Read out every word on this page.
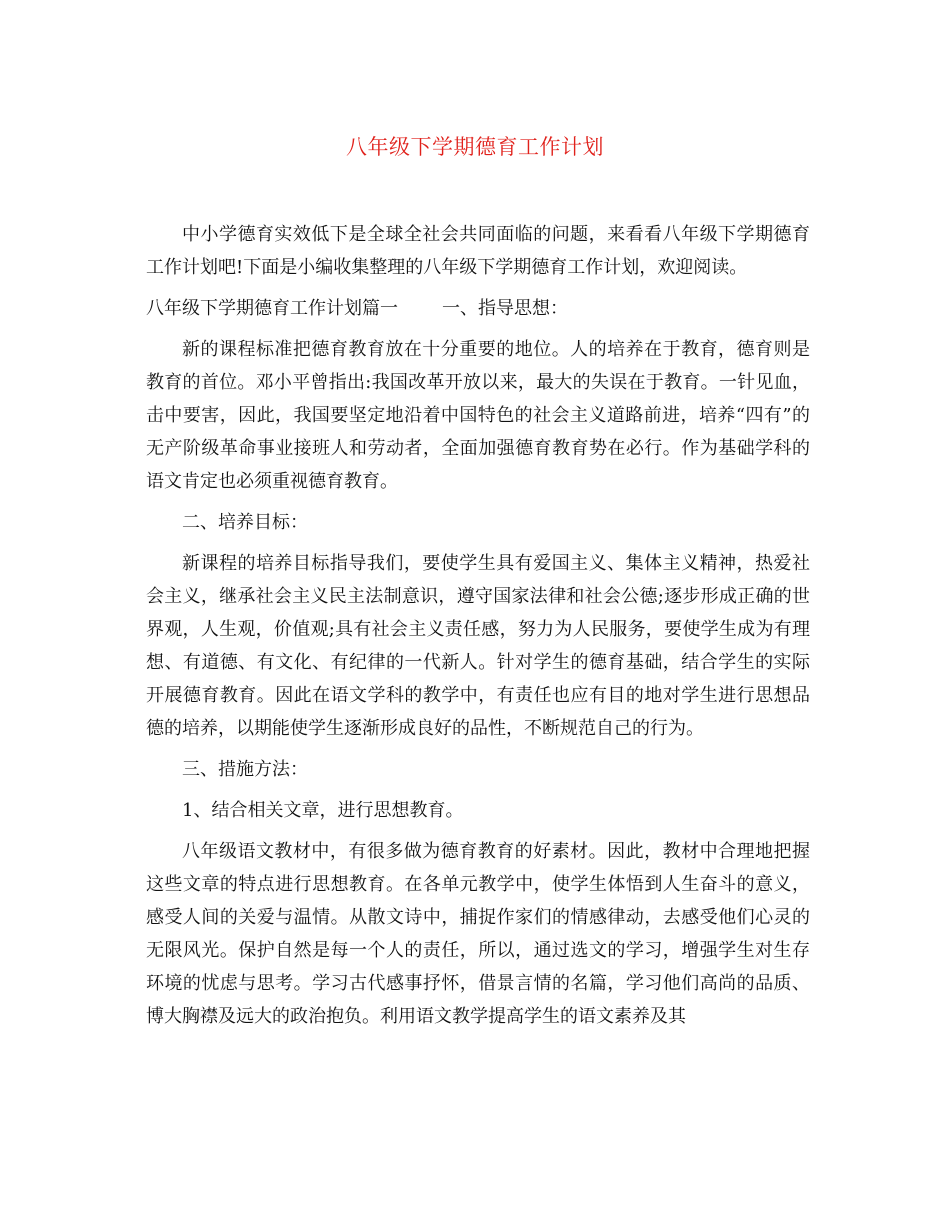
八年级下学期德育工作计划

中小学德育实效低下是全球全社会共同面临的问题，来看看八年级下学期德育工作计划吧!下面是小编收集整理的八年级下学期德育工作计划，欢迎阅读。

八年级下学期德育工作计划篇一 一、指导思想：

新的课程标准把德育教育放在十分重要的地位。人的培养在于教育，德育则是教育的首位。邓小平曾指出:我国改革开放以来，最大的失误在于教育。一针见血，击中要害，因此，我国要坚定地沿着中国特色的社会主义道路前进，培养“四有”的无产阶级革命事业接班人和劳动者，全面加强德育教育势在必行。作为基础学科的语文肯定也必须重视德育教育。

二、培养目标：

新课程的培养目标指导我们，要使学生具有爱国主义、集体主义精神，热爱社会主义，继承社会主义民主法制意识，遵守国家法律和社会公德;逐步形成正确的世界观，人生观，价值观;具有社会主义责任感，努力为人民服务，要使学生成为有理想、有道德、有文化、有纪律的一代新人。针对学生的德育基础，结合学生的实际开展德育教育。因此在语文学科的教学中，有责任也应有目的地对学生进行思想品德的培养，以期能使学生逐渐形成良好的品性，不断规范自己的行为。

三、措施方法：

1、结合相关文章，进行思想教育。

八年级语文教材中，有很多做为德育教育的好素材。因此，教材中合理地把握这些文章的特点进行思想教育。在各单元教学中，使学生体悟到人生奋斗的意义，感受人间的关爱与温情。从散文诗中，捕捉作家们的情感律动，去感受他们心灵的无限风光。保护自然是每一个人的责任，所以，通过选文的学习，增强学生对生存环境的忧虑与思考。学习古代感事抒怀，借景言情的名篇，学习他们高尚的品质、博大胸襟及远大的政治抱负。利用语文教学提高学生的语文素养及其
